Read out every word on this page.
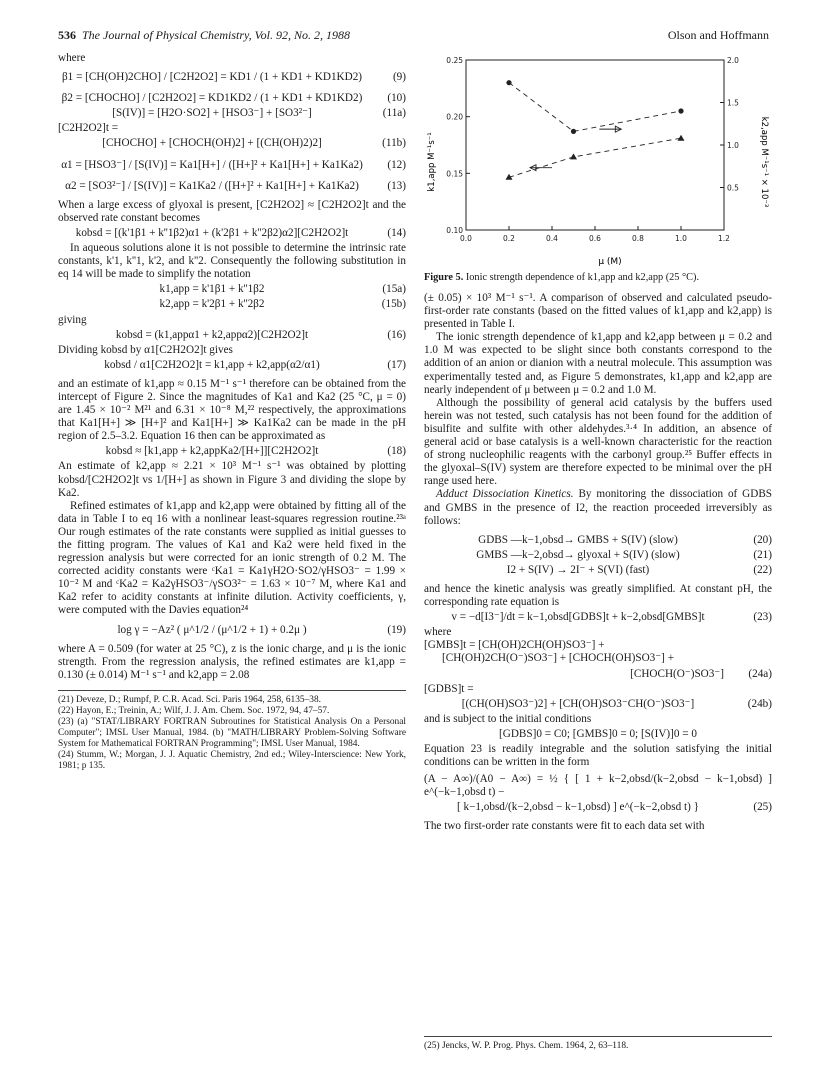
536 The Journal of Physical Chemistry, Vol. 92, No. 2, 1988	Olson and Hoffmann

where

β1 = [CH(OH)2CHO] / [C2H2O2] = KD1 / (1 + KD1 + KD1KD2)	(9)
β2 = [CHOCHO] / [C2H2O2] = KD1KD2 / (1 + KD1 + KD1KD2)	(10)
[S(IV)] = [H2O·SO2] + [HSO3⁻] + [SO3²⁻]	(11a)

[C2H2O2]t =

[CHOCHO] + [CHOCH(OH)2] + [(CH(OH)2)2]	(11b)
α1 = [HSO3⁻] / [S(IV)] = Ka1[H+] / ([H+]² + Ka1[H+] + Ka1Ka2)	(12)
α2 = [SO3²⁻] / [S(IV)] = Ka1Ka2 / ([H+]² + Ka1[H+] + Ka1Ka2)	(13)

When a large excess of glyoxal is present, [C2H2O2] ≈ [C2H2O2]t and the observed rate constant becomes

kobsd = [(k'1β1 + k''1β2)α1 + (k'2β1 + k''2β2)α2][C2H2O2]t	(14)

In aqueous solutions alone it is not possible to determine the intrinsic rate constants, k'1, k''1, k'2, and k''2. Consequently the following substitution in eq 14 will be made to simplify the notation

k1,app = k'1β1 + k''1β2	(15a)
k2,app = k'2β1 + k''2β2	(15b)

giving

kobsd = (k1,appα1 + k2,appα2)[C2H2O2]t	(16)

Dividing kobsd by α1[C2H2O2]t gives

kobsd / α1[C2H2O2]t = k1,app + k2,app(α2/α1)	(17)

and an estimate of k1,app ≈ 0.15 M⁻¹ s⁻¹ therefore can be obtained from the intercept of Figure 2. Since the magnitudes of Ka1 and Ka2 (25 °C, μ = 0) are 1.45 × 10⁻² M²¹ and 6.31 × 10⁻⁸ M,²² respectively, the approximations that Ka1[H+] ≫ [H+]² and Ka1[H+] ≫ Ka1Ka2 can be made in the pH region of 2.5–3.2. Equation 16 then can be approximated as

kobsd ≈ [k1,app + k2,appKa2/[H+]][C2H2O2]t	(18)

An estimate of k2,app ≈ 2.21 × 10³ M⁻¹ s⁻¹ was obtained by plotting kobsd/[C2H2O2]t vs 1/[H+] as shown in Figure 3 and dividing the slope by Ka2.

Refined estimates of k1,app and k2,app were obtained by fitting all of the data in Table I to eq 16 with a nonlinear least-squares regression routine.²³ᵃ Our rough estimates of the rate constants were supplied as initial guesses to the fitting program. The values of Ka1 and Ka2 were held fixed in the regression analysis but were corrected for an ionic strength of 0.2 M. The corrected acidity constants were ᶜKa1 = Ka1γH2O·SO2/γHSO3⁻ = 1.99 × 10⁻² M and ᶜKa2 = Ka2γHSO3⁻/γSO3²⁻ = 1.63 × 10⁻⁷ M, where Ka1 and Ka2 refer to acidity constants at infinite dilution. Activity coefficients, γ, were computed with the Davies equation²⁴

log γ = −Az² ( μ^1/2 / (μ^1/2 + 1) + 0.2μ )	(19)

where A = 0.509 (for water at 25 °C), z is the ionic charge, and μ is the ionic strength. From the regression analysis, the refined estimates are k1,app = 0.130 (± 0.014) M⁻¹ s⁻¹ and k2,app = 2.08

(21) Deveze, D.; Rumpf, P. C.R. Acad. Sci. Paris 1964, 258, 6135–38.

(22) Hayon, E.; Treinin, A.; Wilf, J. J. Am. Chem. Soc. 1972, 94, 47–57.

(23) (a) "STAT/LIBRARY FORTRAN Subroutines for Statistical Analysis On a Personal Computer"; IMSL User Manual, 1984. (b) "MATH/LIBRARY Problem-Solving Software System for Mathematical FORTRAN Programming"; IMSL User Manual, 1984.

(24) Stumm, W.; Morgan, J. J. Aquatic Chemistry, 2nd ed.; Wiley-Interscience: New York, 1981; p 135.

0.0	0.2	0.4	0.6	0.8	1.0	1.2
0.10
0.15
0.20
0.25
0.5
1.0
1.5
2.0
k1,app M⁻¹s⁻¹	k2,app M⁻¹s⁻¹ × 10⁻³
μ (M)
Figure 5. Ionic strength dependence of k1,app and k2,app (25 °C).

(± 0.05) × 10³ M⁻¹ s⁻¹. A comparison of observed and calculated pseudo-first-order rate constants (based on the fitted values of k1,app and k2,app) is presented in Table I.

The ionic strength dependence of k1,app and k2,app between μ = 0.2 and 1.0 M was expected to be slight since both constants correspond to the addition of an anion or dianion with a neutral molecule. This assumption was experimentally tested and, as Figure 5 demonstrates, k1,app and k2,app are nearly independent of μ between μ = 0.2 and 1.0 M.

Although the possibility of general acid catalysis by the buffers used herein was not tested, such catalysis has not been found for the addition of bisulfite and sulfite with other aldehydes.³·⁴ In addition, an absence of general acid or base catalysis is a well-known characteristic for the reaction of strong nucleophilic reagents with the carbonyl group.²⁵ Buffer effects in the glyoxal–S(IV) system are therefore expected to be minimal over the pH range used here.

Adduct Dissociation Kinetics. By monitoring the dissociation of GDBS and GMBS in the presence of I2, the reaction proceeded irreversibly as follows:

GDBS —k−1,obsd→ GMBS + S(IV) (slow)	(20)
GMBS —k−2,obsd→ glyoxal + S(IV) (slow)	(21)
I2 + S(IV) → 2I⁻ + S(VI) (fast)	(22)

and hence the kinetic analysis was greatly simplified. At constant pH, the corresponding rate equation is

v = −d[I3⁻]/dt = k−1,obsd[GDBS]t + k−2,obsd[GMBS]t	(23)

where

[GMBS]t = [CH(OH)2CH(OH)SO3⁻] +

[CH(OH)2CH(O⁻)SO3⁻] + [CHOCH(OH)SO3⁻] +

[CHOCH(O⁻)SO3⁻]	(24a)

[GDBS]t =

[(CH(OH)SO3⁻)2] + [CH(OH)SO3⁻CH(O⁻)SO3⁻]	(24b)

and is subject to the initial conditions

[GDBS]0 = C0; [GMBS]0 = 0; [S(IV)]0 = 0

Equation 23 is readily integrable and the solution satisfying the initial conditions can be written in the form

(A − A∞)/(A0 − A∞) = ½ { [ 1 + k−2,obsd/(k−2,obsd − k−1,obsd) ] e^(−k−1,obsd t) −

[ k−1,obsd/(k−2,obsd − k−1,obsd) ] e^(−k−2,obsd t) }	(25)

The two first-order rate constants were fit to each data set with

(25) Jencks, W. P. Prog. Phys. Chem. 1964, 2, 63–118.
